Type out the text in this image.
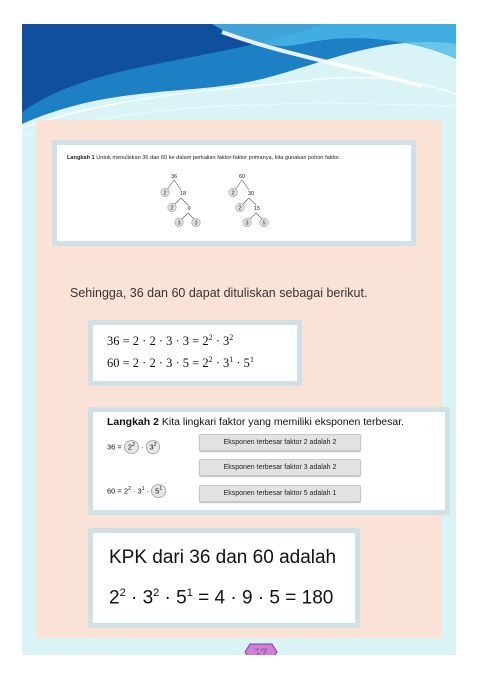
Langkah 1 Untuk menuliskan 36 dan 60 ke dalam perkalian faktor-faktor primanya, kita gunakan pohon faktor.
36
2 18
2	9
3	3
60
2 30
2 15
3	5
Sehingga, 36 dan 60 dapat dituliskan sebagai berikut.
$36 = 2 \cdot 2 \cdot 3 \cdot 3 = 2^2 \cdot 3^2$
$60 = 2 \cdot 2 \cdot 3 \cdot 5 = 2^2 \cdot 3^1 \cdot 5^1$
Langkah 2 Kita lingkari faktor yang memiliki eksponen terbesar.
$36 = 2^2 \cdot 3^2$
$60 = 2^2 \cdot 3^1 \cdot 5^1$
Eksponen terbesar faktor 2 adalah 2
Eksponen terbesar faktor 3 adalah 2
Eksponen terbesar faktor 5 adalah 1
KPK dari 36 dan 60 adalah
$2^2 \cdot 3^2 \cdot 5^1 = 4 \cdot 9 \cdot 5 = 180$
27
